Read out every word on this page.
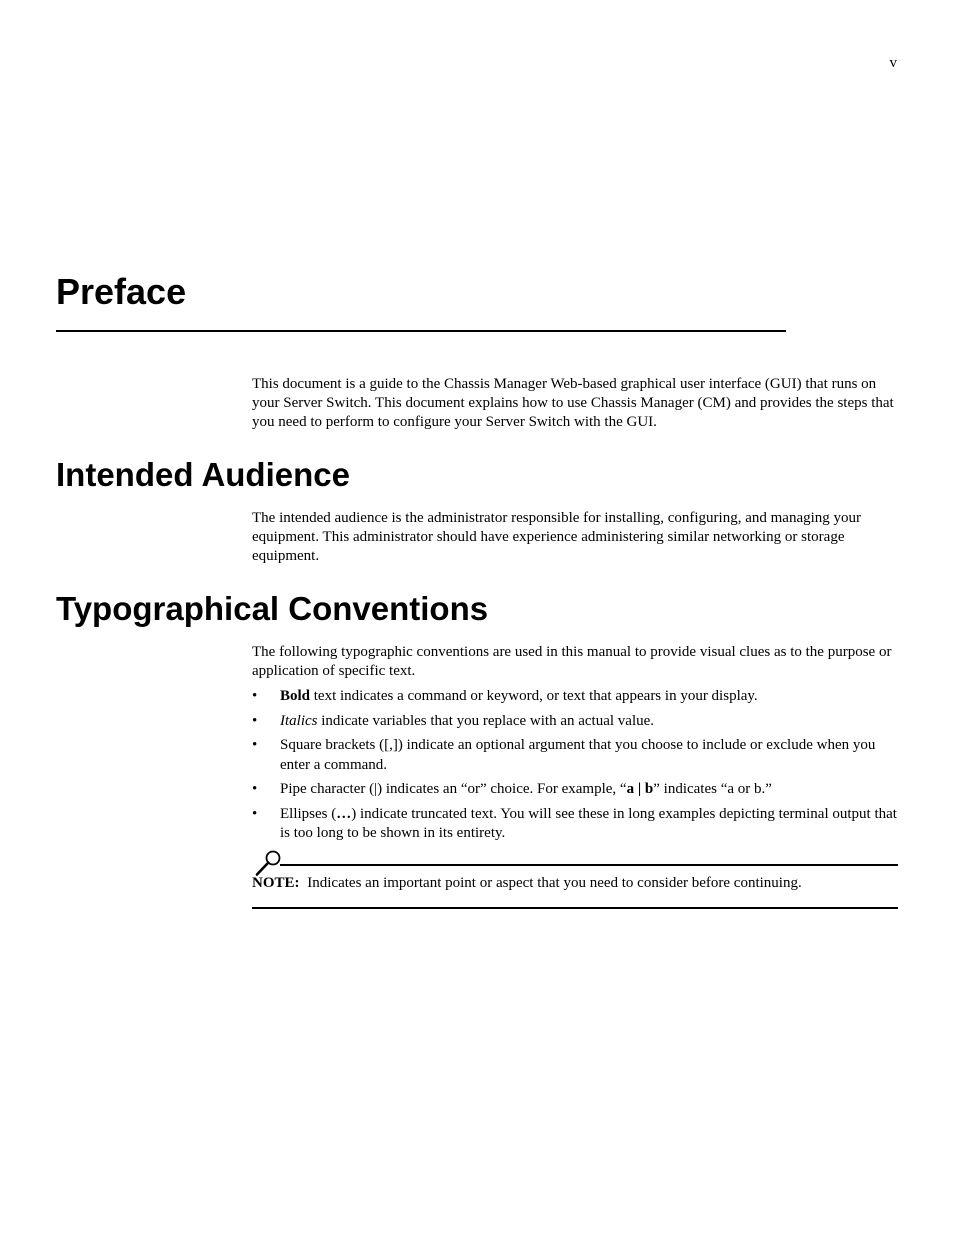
v
Preface

This document is a guide to the Chassis Manager Web-based graphical user interface (GUI) that runs on your Server Switch. This document explains how to use Chassis Manager (CM) and provides the steps that you need to perform to configure your Server Switch with the GUI.

Intended Audience

The intended audience is the administrator responsible for installing, configuring, and managing your equipment. This administrator should have experience administering similar networking or storage equipment.

Typographical Conventions

The following typographic conventions are used in this manual to provide visual clues as to the purpose or application of specific text.

• Bold text indicates a command or keyword, or text that appears in your display.
• Italics indicate variables that you replace with an actual value.
• Square brackets ([,]) indicate an optional argument that you choose to include or exclude when you enter a command.
• Pipe character (|) indicates an “or” choice. For example, “a | b” indicates “a or b.”
• Ellipses (…) indicate truncated text. You will see these in long examples depicting terminal output that is too long to be shown in its entirety.
NOTE: Indicates an important point or aspect that you need to consider before continuing.
